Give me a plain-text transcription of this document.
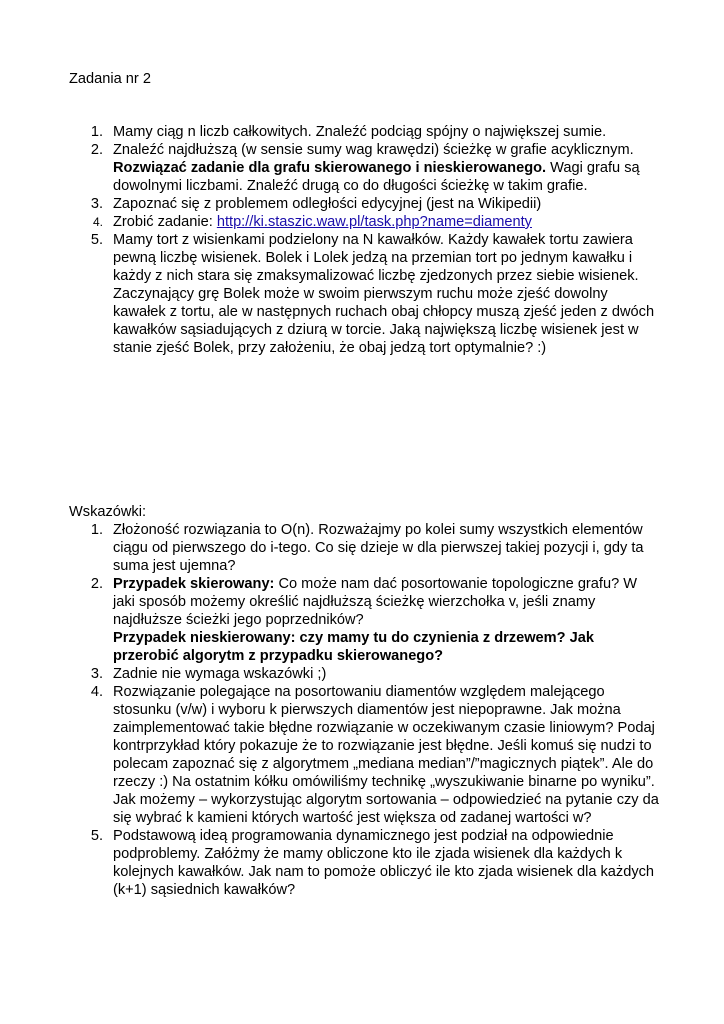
Zadania nr 2
1. Mamy ciąg n liczb całkowitych. Znaleźć podciąg spójny o największej sumie.

2. Znaleźć najdłuższą (w sensie sumy wag krawędzi) ścieżkę w grafie acyklicznym.
Rozwiązać zadanie dla grafu skierowanego i nieskierowanego. Wagi grafu są dowolnymi liczbami. Znaleźć drugą co do długości ścieżkę w takim grafie.

3. Zapoznać się z problemem odległości edycyjnej (jest na Wikipedii)

4. Zrobić zadanie: http://ki.staszic.waw.pl/task.php?name=diamenty

5. Mamy tort z wisienkami podzielony na N kawałków. Każdy kawałek tortu zawiera pewną liczbę wisienek. Bolek i Lolek jedzą na przemian tort po jednym kawałku i każdy z nich stara się zmaksymalizować liczbę zjedzonych przez siebie wisienek. Zaczynający grę Bolek może w swoim pierwszym ruchu może zjeść dowolny kawałek z tortu, ale w następnych ruchach obaj chłopcy muszą zjeść jeden z dwóch kawałków sąsiadujących z dziurą w torcie. Jaką największą liczbę wisienek jest w stanie zjeść Bolek, przy założeniu, że obaj jedzą tort optymalnie? :)

Wskazówki:
1. Złożoność rozwiązania to O(n). Rozważajmy po kolei sumy wszystkich elementów ciągu od pierwszego do i-tego. Co się dzieje w dla pierwszej takiej pozycji i, gdy ta suma jest ujemna?

2. Przypadek skierowany: Co może nam dać posortowanie topologiczne grafu? W jaki sposób możemy określić najdłuższą ścieżkę wierzchołka v, jeśli znamy najdłuższe ścieżki jego poprzedników?
Przypadek nieskierowany: czy mamy tu do czynienia z drzewem? Jak przerobić algorytm z przypadku skierowanego?

3. Zadnie nie wymaga wskazówki ;)

4. Rozwiązanie polegające na posortowaniu diamentów względem malejącego stosunku (v/w) i wyboru k pierwszych diamentów jest niepoprawne. Jak można zaimplementować takie błędne rozwiązanie w oczekiwanym czasie liniowym? Podaj kontrprzykład który pokazuje że to rozwiązanie jest błędne. Jeśli komuś się nudzi to polecam zapoznać się z algorytmem „mediana median”/”magicznych piątek”. Ale do rzeczy :) Na ostatnim kółku omówiliśmy technikę „wyszukiwanie binarne po wyniku”. Jak możemy – wykorzystując algorytm sortowania – odpowiedzieć na pytanie czy da się wybrać k kamieni których wartość jest większa od zadanej wartości w?

5. Podstawową ideą programowania dynamicznego jest podział na odpowiednie podproblemy. Załóżmy że mamy obliczone kto ile zjada wisienek dla każdych k kolejnych kawałków. Jak nam to pomoże obliczyć ile kto zjada wisienek dla każdych (k+1) sąsiednich kawałków?
